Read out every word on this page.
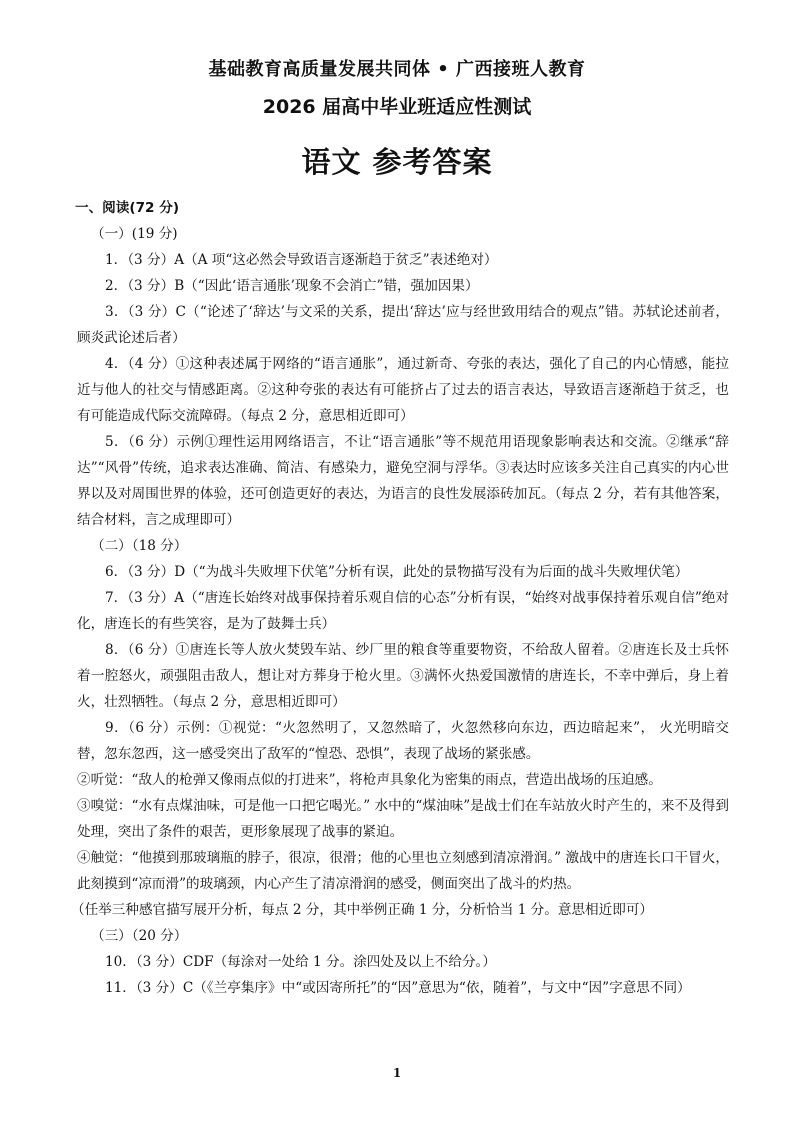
基础教育高质量发展共同体 • 广西接班人教育
2026 届高中毕业班适应性测试
语文 参考答案
一、阅读(72 分)
（一）(19 分)
1．（3 分）A（A 项“这必然会导致语言逐渐趋于贫乏”表述绝对）
2．（3 分）B（“因此‘语言通胀’现象不会消亡”错，强加因果）
3．（3 分）C（“论述了‘辞达’与文采的关系，提出‘辞达’应与经世致用结合的观点”错。苏轼论述前者，顾炎武论述后者）
4．（4 分）①这种表述属于网络的“语言通胀”，通过新奇、夸张的表达，强化了自己的内心情感，能拉近与他人的社交与情感距离。②这种夸张的表达有可能挤占了过去的语言表达，导致语言逐渐趋于贫乏，也有可能造成代际交流障碍。（每点 2 分，意思相近即可）
5．（6 分）示例①理性运用网络语言，不让“语言通胀”等不规范用语现象影响表达和交流。②继承“辞达”“风骨”传统，追求表达准确、简洁、有感染力，避免空洞与浮华。③表达时应该多关注自己真实的内心世界以及对周围世界的体验，还可创造更好的表达，为语言的良性发展添砖加瓦。（每点 2 分，若有其他答案，结合材料，言之成理即可）
（二）（18 分）
6．（3 分）D（“为战斗失败埋下伏笔”分析有误，此处的景物描写没有为后面的战斗失败埋伏笔）
7．（3 分）A（“唐连长始终对战事保持着乐观自信的心态”分析有误，“始终对战事保持着乐观自信”绝对化，唐连长的有些笑容，是为了鼓舞士兵）
8．（6 分）①唐连长等人放火焚毁车站、纱厂里的粮食等重要物资，不给敌人留着。②唐连长及士兵怀着一腔怒火，顽强阻击敌人，想让对方葬身于枪火里。③满怀火热爱国激情的唐连长，不幸中弹后，身上着火，壮烈牺牲。（每点 2 分，意思相近即可）
9．（6 分）示例：①视觉：“火忽然明了，又忽然暗了，火忽然移向东边，西边暗起来”， 火光明暗交替，忽东忽西，这一感受突出了敌军的“惶恐、恐惧”，表现了战场的紧张感。
②听觉：“敌人的枪弹又像雨点似的打进来”，将枪声具象化为密集的雨点，营造出战场的压迫感。
③嗅觉：“水有点煤油味，可是他一口把它喝光。” 水中的“煤油味”是战士们在车站放火时产生的，来不及得到处理，突出了条件的艰苦，更形象展现了战事的紧迫。
④触觉：“他摸到那玻璃瓶的脖子，很凉，很滑；他的心里也立刻感到清凉滑润。” 激战中的唐连长口干冒火，此刻摸到“凉而滑”的玻璃颈，内心产生了清凉滑润的感受，侧面突出了战斗的灼热。
（任举三种感官描写展开分析，每点 2 分，其中举例正确 1 分，分析恰当 1 分。意思相近即可）
（三）（20 分）
10．（3 分）CDF（每涂对一处给 1 分。涂四处及以上不给分。）
11．（3 分）C（《兰亭集序》中“或因寄所托”的“因”意思为“依，随着”，与文中“因”字意思不同）
1
